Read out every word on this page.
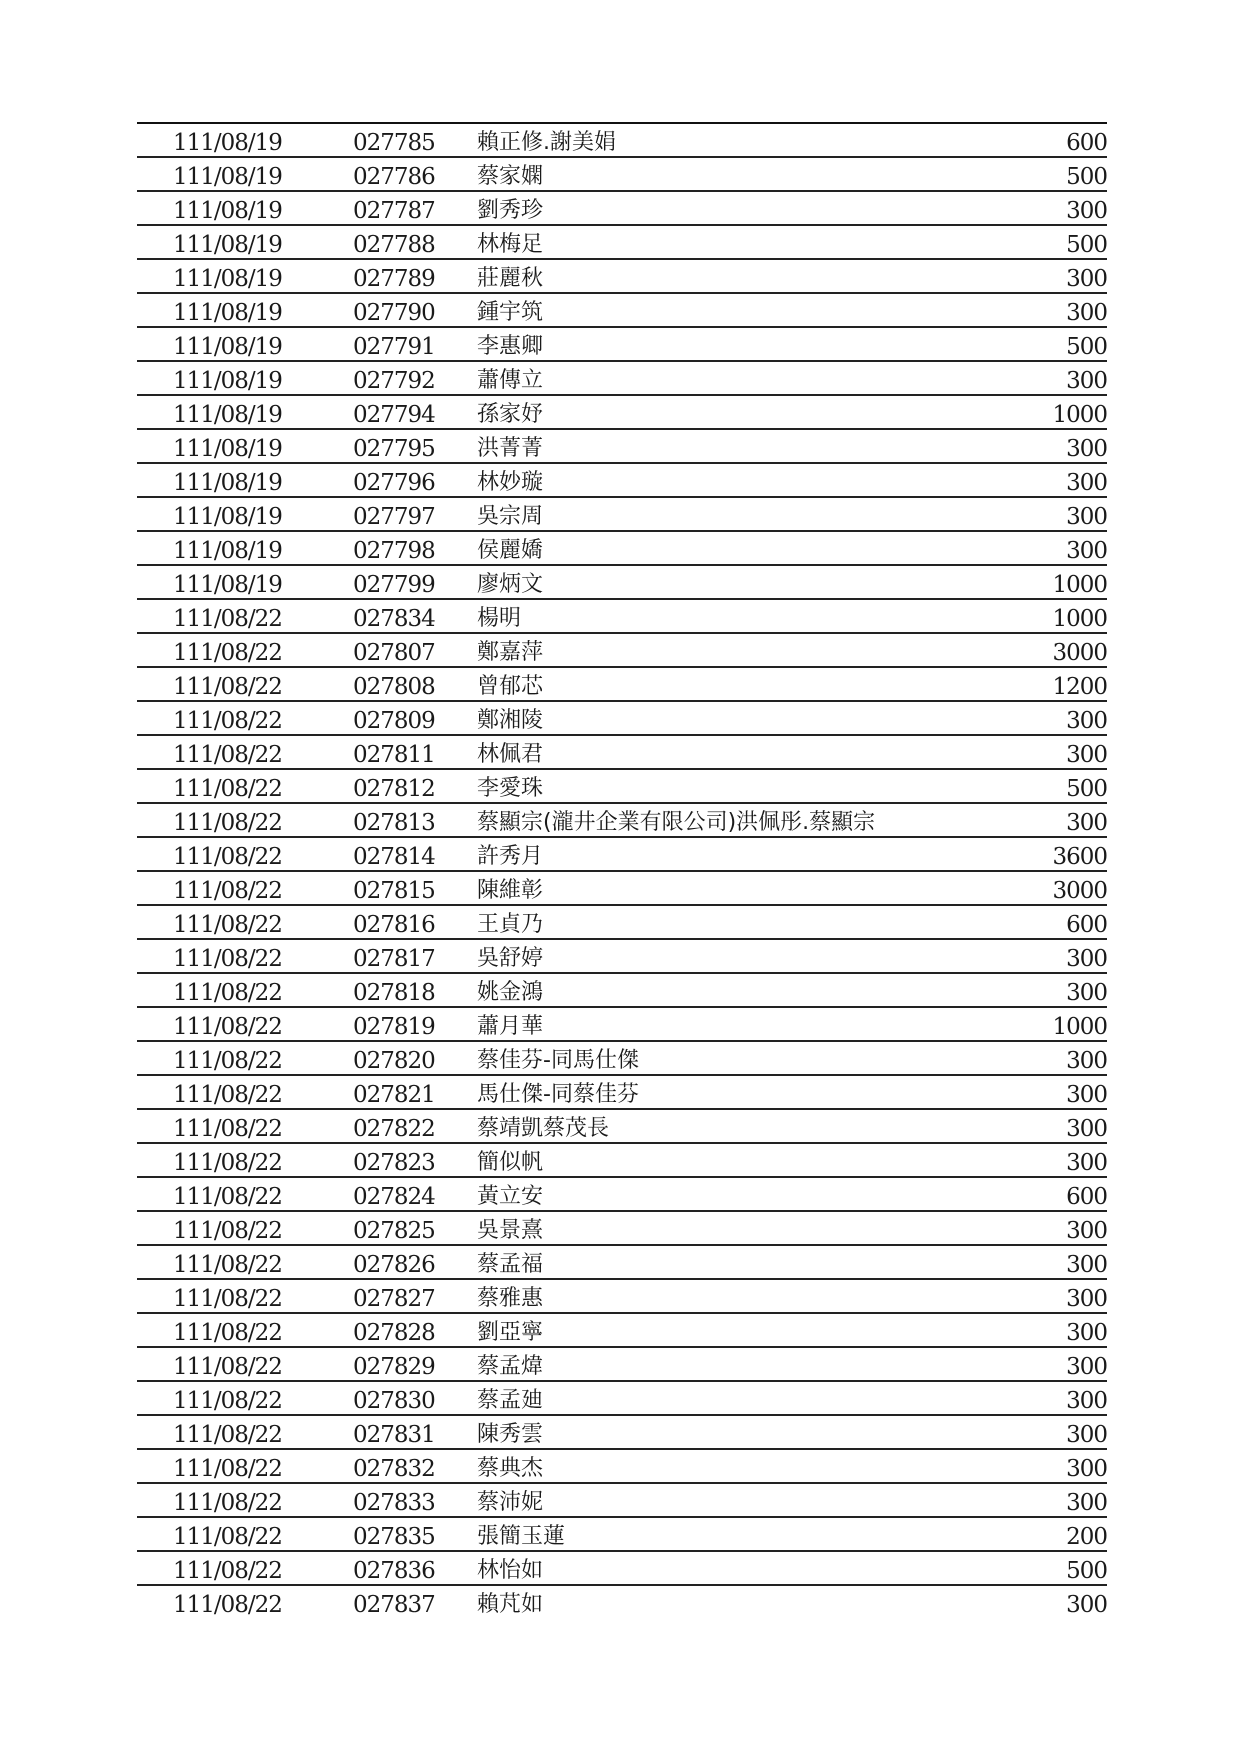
111/08/19	027785 賴正修.謝美娟	600
111/08/19	027786 蔡家嫻	500
111/08/19	027787 劉秀珍	300
111/08/19	027788 林梅足	500
111/08/19	027789 莊麗秋	300
111/08/19	027790 鍾宇筑	300
111/08/19	027791 李惠卿	500
111/08/19	027792 蕭傳立	300
111/08/19	027794 孫家妤	1000
111/08/19	027795 洪菁菁	300
111/08/19	027796 林妙璇	300
111/08/19	027797 吳宗周	300
111/08/19	027798 侯麗嬌	300
111/08/19	027799 廖炳文	1000
111/08/22	027834 楊明	1000
111/08/22	027807 鄭嘉萍	3000
111/08/22	027808 曾郁芯	1200
111/08/22	027809 鄭湘陵	300
111/08/22	027811 林佩君	300
111/08/22	027812 李愛珠	500
111/08/22	027813 蔡顯宗(瀧井企業有限公司)洪佩彤.蔡顯宗	300
111/08/22	027814 許秀月	3600
111/08/22	027815 陳維彰	3000
111/08/22	027816 王貞乃	600
111/08/22	027817 吳舒婷	300
111/08/22	027818 姚金鴻	300
111/08/22	027819 蕭月華	1000
111/08/22	027820 蔡佳芬-同馬仕傑	300
111/08/22	027821 馬仕傑-同蔡佳芬	300
111/08/22	027822 蔡靖凱蔡茂長	300
111/08/22	027823 簡似帆	300
111/08/22	027824 黃立安	600
111/08/22	027825 吳景熹	300
111/08/22	027826 蔡孟福	300
111/08/22	027827 蔡雅惠	300
111/08/22	027828 劉亞寧	300
111/08/22	027829 蔡孟煒	300
111/08/22	027830 蔡孟廸	300
111/08/22	027831 陳秀雲	300
111/08/22	027832 蔡典杰	300
111/08/22	027833 蔡沛妮	300
111/08/22	027835 張簡玉蓮	200
111/08/22	027836 林怡如	500
111/08/22	027837 賴芃如	300
